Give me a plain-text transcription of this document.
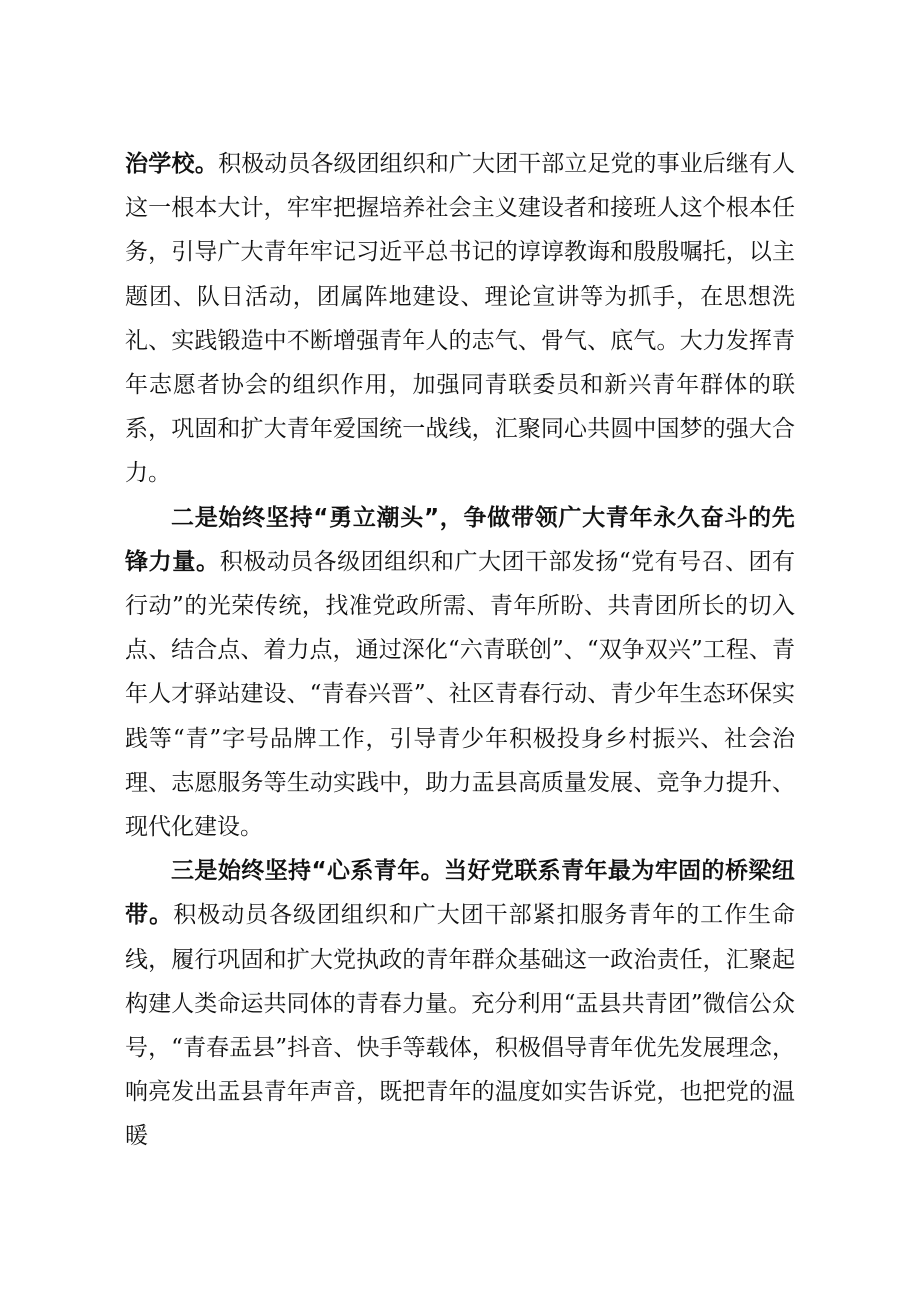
治学校。积极动员各级团组织和广大团干部立足党的事业后继有人这一根本大计，牢牢把握培养社会主义建设者和接班人这个根本任务，引导广大青年牢记习近平总书记的谆谆教诲和殷殷嘱托，以主题团、队日活动，团属阵地建设、理论宣讲等为抓手，在思想洗礼、实践锻造中不断增强青年人的志气、骨气、底气。大力发挥青年志愿者协会的组织作用，加强同青联委员和新兴青年群体的联系，巩固和扩大青年爱国统一战线，汇聚同心共圆中国梦的强大合力。

二是始终坚持“勇立潮头”，争做带领广大青年永久奋斗的先锋力量。积极动员各级团组织和广大团干部发扬“党有号召、团有行动”的光荣传统，找准党政所需、青年所盼、共青团所长的切入点、结合点、着力点，通过深化“六青联创”、“双争双兴”工程、青年人才驿站建设、“青春兴晋”、社区青春行动、青少年生态环保实践等“青”字号品牌工作，引导青少年积极投身乡村振兴、社会治理、志愿服务等生动实践中，助力盂县高质量发展、竞争力提升、现代化建设。

三是始终坚持“心系青年。当好党联系青年最为牢固的桥梁纽带。积极动员各级团组织和广大团干部紧扣服务青年的工作生命线，履行巩固和扩大党执政的青年群众基础这一政治责任，汇聚起构建人类命运共同体的青春力量。充分利用“盂县共青团”微信公众号，“青春盂县”抖音、快手等载体，积极倡导青年优先发展理念，响亮发出盂县青年声音，既把青年的温度如实告诉党，也把党的温暖
